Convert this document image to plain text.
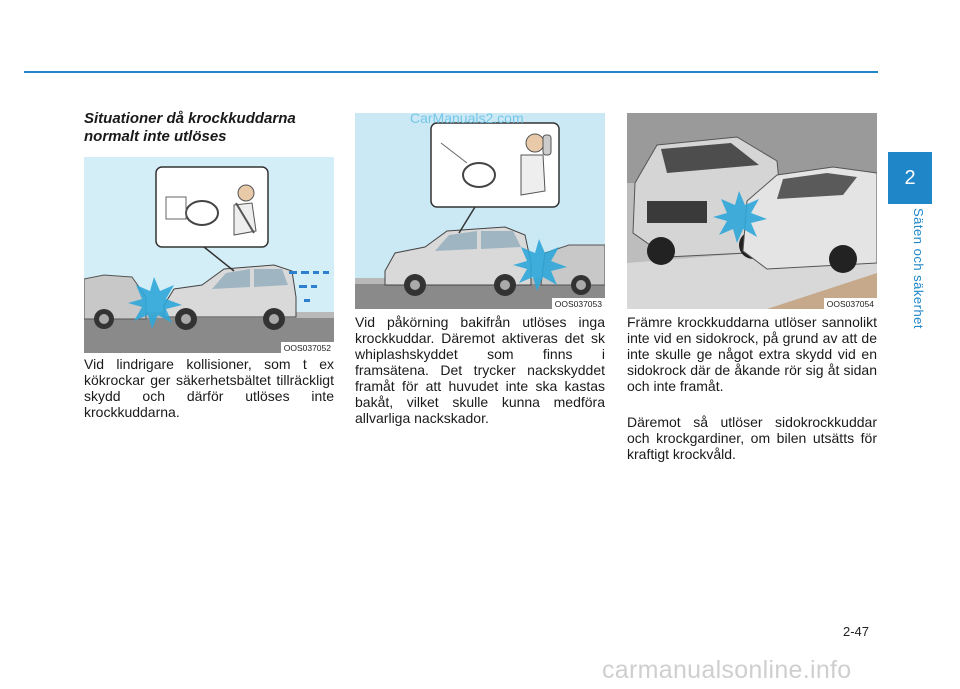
2
Säten och säkerhet
Situationer då krockkuddarna normalt inte utlöses
OOS037052
OOS037053	OOS037054
CarManuals2.com

Vid lindrigare kollisioner, som t ex kökrockar ger säkerhetsbältet tillräckligt skydd och därför utlöses inte krockkuddarna.

Vid påkörning bakifrån utlöses inga krockkuddar. Däremot aktiveras det sk whiplashskyddet som finns i framsätena. Det trycker nackskyddet framåt för att huvudet inte ska kastas bakåt, vilket skulle kunna medföra allvarliga nackskador.

Främre krockkuddarna utlöser sannolikt inte vid en sidokrock, på grund av att de inte skulle ge något extra skydd vid en sidokrock där de åkande rör sig åt sidan och inte framåt.

Däremot så utlöser sidokrockkuddar och krockgardiner, om bilen utsätts för kraftigt krockvåld.

2-47
carmanualsonline.info
